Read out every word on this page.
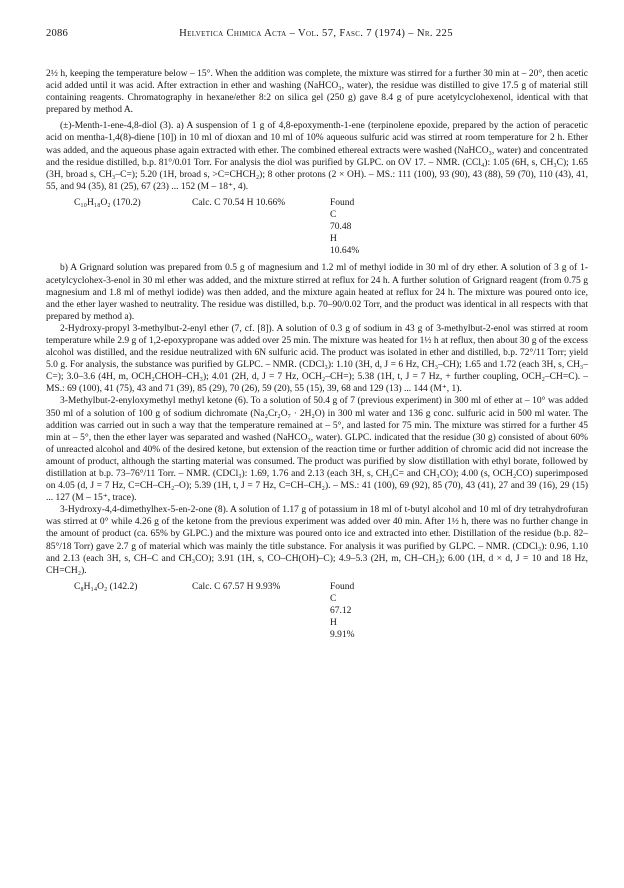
2086	Helvetica Chimica Acta – Vol. 57, Fasc. 7 (1974) – Nr. 225

2½ h, keeping the temperature below – 15°. When the addition was complete, the mixture was stirred for a further 30 min at – 20°, then acetic acid added until it was acid. After extraction in ether and washing (NaHCO₃, water), the residue was distilled to give 17.5 g of material still containing reagents. Chromatography in hexane/ether 8:2 on silica gel (250 g) gave 8.4 g of pure acetylcyclohexenol, identical with that prepared by method A.

(±)-Menth-1-ene-4,8-diol (3). a) A suspension of 1 g of 4,8-epoxymenth-1-ene (terpinolene epoxide, prepared by the action of peracetic acid on mentha-1,4(8)-diene [10]) in 10 ml of dioxan and 10 ml of 10% aqueous sulfuric acid was stirred at room temperature for 2 h. Ether was added, and the aqueous phase again extracted with ether. The combined ethereal extracts were washed (NaHCO₃, water) and concentrated and the residue distilled, b.p. 81°/0.01 Torr. For analysis the diol was purified by GLPC. on OV 17. – NMR. (CCl₄): 1.05 (6H, s, CH₃C); 1.65 (3H, broad s, CH₃–C=); 5.20 (1H, broad s, >C=CHCH₂); 8 other protons (2 × OH). – MS.: 111 (100), 93 (90), 43 (88), 59 (70), 110 (43), 41, 55, and 94 (35), 81 (25), 67 (23) ... 152 (M – 18⁺, 4).

C₁₀H₁₈O₂ (170.2)	Calc. C 70.54 H 10.66%	Found C 70.48 H 10.64%

b) A Grignard solution was prepared from 0.5 g of magnesium and 1.2 ml of methyl iodide in 30 ml of dry ether. A solution of 3 g of 1-acetylcyclohex-3-enol in 30 ml ether was added, and the mixture stirred at reflux for 24 h. A further solution of Grignard reagent (from 0.75 g magnesium and 1.8 ml of methyl iodide) was then added, and the mixture again heated at reflux for 24 h. The mixture was poured onto ice, and the ether layer washed to neutrality. The residue was distilled, b.p. 70–90/0.02 Torr, and the product was identical in all respects with that prepared by method a).

2-Hydroxy-propyl 3-methylbut-2-enyl ether (7, cf. [8]). A solution of 0.3 g of sodium in 43 g of 3-methylbut-2-enol was stirred at room temperature while 2.9 g of 1,2-epoxypropane was added over 25 min. The mixture was heated for 1½ h at reflux, then about 30 g of the excess alcohol was distilled, and the residue neutralized with 6N sulfuric acid. The product was isolated in ether and distilled, b.p. 72°/11 Torr; yield 5.0 g. For analysis, the substance was purified by GLPC. – NMR. (CDCl₃): 1.10 (3H, d, J = 6 Hz, CH₃–CH); 1.65 and 1.72 (each 3H, s, CH₃–C=); 3.0–3.6 (4H, m, OCH₂CHOH–CH₃); 4.01 (2H, d, J = 7 Hz, OCH₂–CH=); 5.38 (1H, t, J = 7 Hz, + further coupling, OCH₂–CH=C). – MS.: 69 (100), 41 (75), 43 and 71 (39), 85 (29), 70 (26), 59 (20), 55 (15), 39, 68 and 129 (13) ... 144 (M⁺, 1).

3-Methylbut-2-enyloxymethyl methyl ketone (6). To a solution of 50.4 g of 7 (previous experiment) in 300 ml of ether at – 10° was added 350 ml of a solution of 100 g of sodium dichromate (Na₂Cr₂O₇ · 2H₂O) in 300 ml water and 136 g conc. sulfuric acid in 500 ml water. The addition was carried out in such a way that the temperature remained at – 5°, and lasted for 75 min. The mixture was stirred for a further 45 min at – 5°, then the ether layer was separated and washed (NaHCO₃, water). GLPC. indicated that the residue (30 g) consisted of about 60% of unreacted alcohol and 40% of the desired ketone, but extension of the reaction time or further addition of chromic acid did not increase the amount of product, although the starting material was consumed. The product was purified by slow distillation with ethyl borate, followed by distillation at b.p. 73–76°/11 Torr. – NMR. (CDCl₃): 1.69, 1.76 and 2.13 (each 3H, s, CH₃C= and CH₃CO); 4.00 (s, OCH₂CO) superimposed on 4.05 (d, J = 7 Hz, C=CH–CH₂–O); 5.39 (1H, t, J = 7 Hz, C=CH–CH₂). – MS.: 41 (100), 69 (92), 85 (70), 43 (41), 27 and 39 (16), 29 (15) ... 127 (M – 15⁺, trace).

3-Hydroxy-4,4-dimethylhex-5-en-2-one (8). A solution of 1.17 g of potassium in 18 ml of t-butyl alcohol and 10 ml of dry tetrahydrofuran was stirred at 0° while 4.26 g of the ketone from the previous experiment was added over 40 min. After 1½ h, there was no further change in the amount of product (ca. 65% by GLPC.) and the mixture was poured onto ice and extracted into ether. Distillation of the residue (b.p. 82–85°/18 Torr) gave 2.7 g of material which was mainly the title substance. For analysis it was purified by GLPC. – NMR. (CDCl₃): 0.96, 1.10 and 2.13 (each 3H, s, CH–C and CH₃CO); 3.91 (1H, s, CO–CH(OH)–C); 4.9–5.3 (2H, m, CH–CH₂); 6.00 (1H, d × d, J = 10 and 18 Hz, CH=CH₂).

C₈H₁₄O₂ (142.2)	Calc. C 67.57 H 9.93%	Found C 67.12 H 9.91%
